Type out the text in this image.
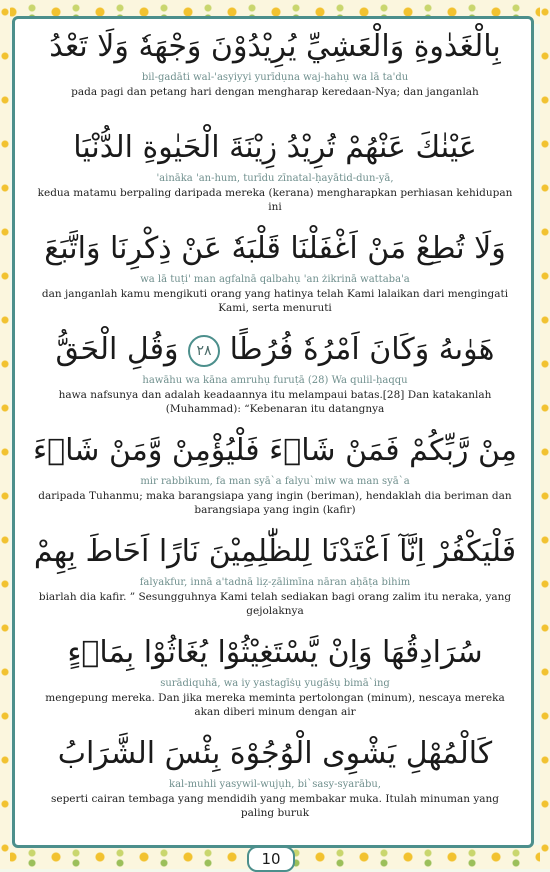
بِالْغَدٰوةِ وَالْعَشِيِّ يُرِيْدُوْنَ وَجْهَهٗ وَلَا تَعْدُ
bil-gadāti wal-'asyiyyi yurīdụna waj-hahụ wa lā ta'du
pada pagi dan petang hari dengan mengharap keredaan-Nya; dan janganlah
عَيْنٰكَ عَنْهُمْ تُرِيْدُ زِيْنَةَ الْحَيٰوةِ الدُّنْيَا
'aināka 'an-hum, turīdu zīnatal-ḥayātid-dun-yā,
kedua matamu berpaling daripada mereka (kerana) mengharapkan perhiasan kehidupan ini
وَلَا تُطِعْ مَنْ اَغْفَلْنَا قَلْبَهٗ عَنْ ذِكْرِنَا وَاتَّبَعَ
wa lā tuṭi' man agfalnā qalbahụ 'an żikrinā wattaba'a
dan janganlah kamu mengikuti orang yang hatinya telah Kami lalaikan dari mengingati Kami, serta menuruti
هَوٰىهُ وَكَانَ اَمْرُهٗ فُرُطًا ٢٨ وَقُلِ الْحَقُّ
hawāhu wa kāna amruhụ furuṭā (28) Wa qulil-ḥaqqu
hawa nafsunya dan adalah keadaannya itu melampaui batas.[28] Dan katakanlah (Muhammad): “Kebenaran itu datangnya
مِنْ رَّبِّكُمْ فَمَنْ شَاۤءَ فَلْيُؤْمِنْ وَّمَنْ شَاۤءَ
mir rabbikum, fa man syā`a falyu`miw wa man syā`a
daripada Tuhanmu; maka barangsiapa yang ingin (beriman), hendaklah dia beriman dan barangsiapa yang ingin (kafir)
فَلْيَكْفُرْ اِنَّآ اَعْتَدْنَا لِلظّٰلِمِيْنَ نَارًا اَحَاطَ بِهِمْ
falyakfur, innā a'tadnā liẓ-ẓālimīna nāran aḥāṭa bihim
biarlah dia kafir. ” Sesungguhnya Kami telah sediakan bagi orang zalim itu neraka, yang gejolaknya
سُرَادِقُهَا وَاِنْ يَّسْتَغِيْثُوْا يُغَاثُوْا بِمَاۤءٍ
surādiquhā, wa iy yastagīṡụ yugāṡụ bimā`ing
mengepung mereka. Dan jika mereka meminta pertolongan (minum), nescaya mereka akan diberi minum dengan air
كَالْمُهْلِ يَشْوِى الْوُجُوْهَ بِئْسَ الشَّرَابُ
kal-muhli yasywil-wujụh, bi`sasy-syarābu,
seperti cairan tembaga yang mendidih yang membakar muka. Itulah minuman yang paling buruk
10
